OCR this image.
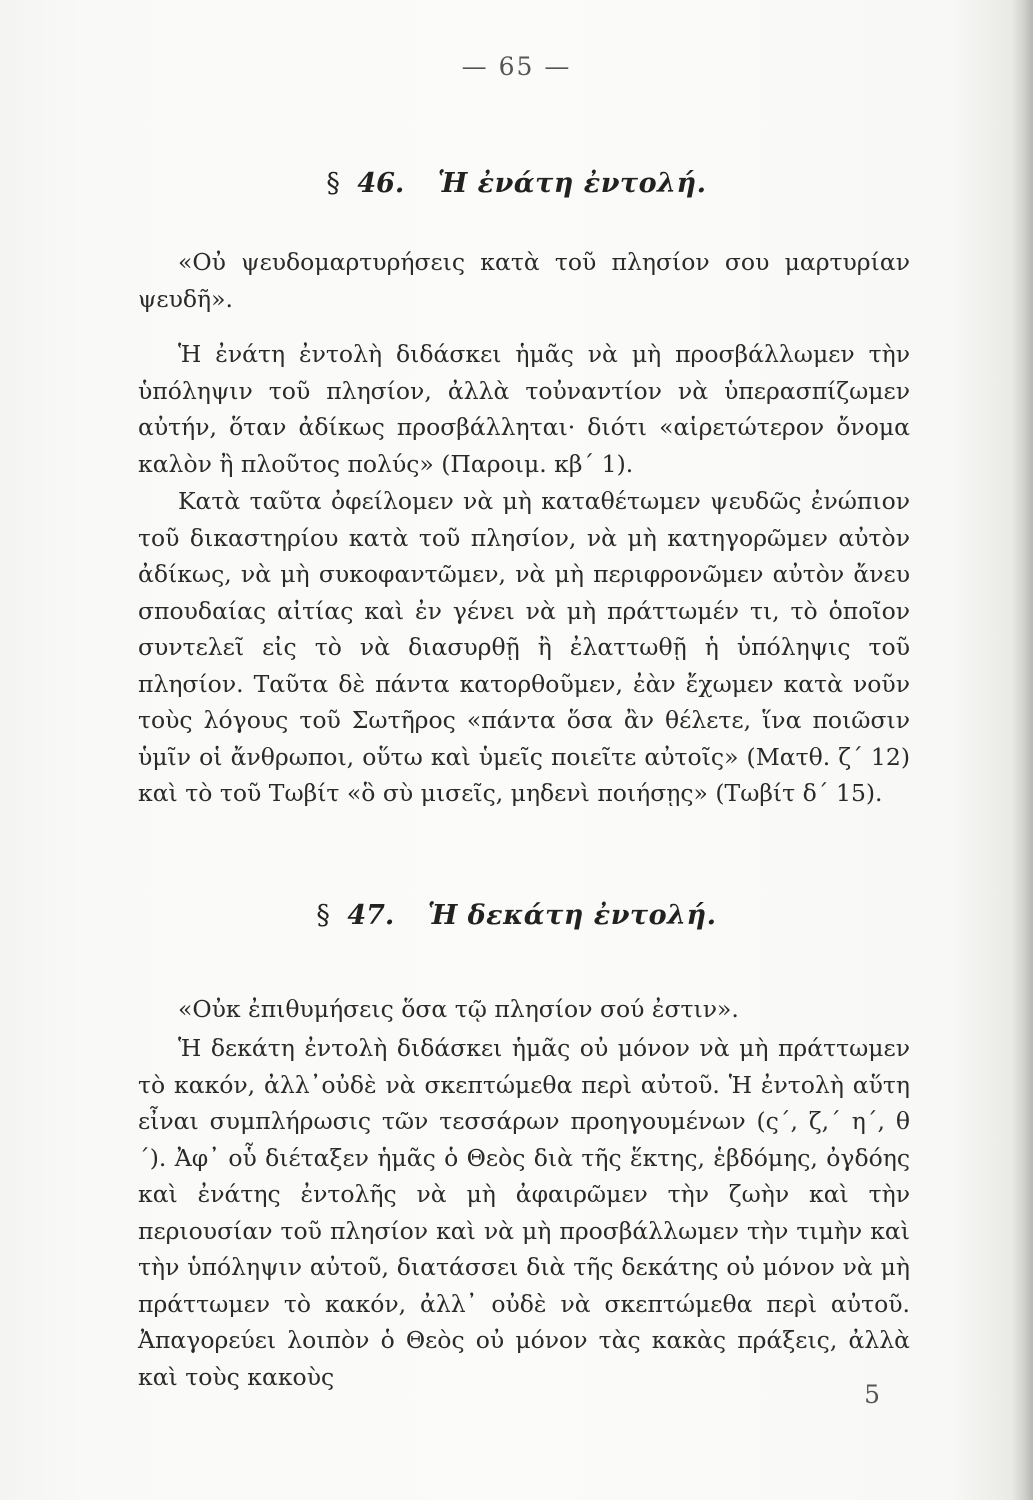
— 65 —
§ 46. Ἡ ἐνάτη ἐντολή.
«Οὐ ψευδομαρτυρήσεις κατὰ τοῦ πλησίον σου μαρτυρίαν ψευδῆ».
Ἡ ἐνάτη ἐντολὴ διδάσκει ἡμᾶς νὰ μὴ προσβάλλωμεν τὴν ὑπόληψιν τοῦ πλησίον, ἀλλὰ τοὐναντίον νὰ ὑπερασπίζωμεν αὐτήν, ὅταν ἀδίκως προσβάλληται· διότι «αἱρετώτερον ὄνομα καλὸν ἢ πλοῦτος πολύς» (Παροιμ. κβ´ 1).
Κατὰ ταῦτα ὀφείλομεν νὰ μὴ καταθέτωμεν ψευδῶς ἐνώπιον τοῦ δικαστηρίου κατὰ τοῦ πλησίον, νὰ μὴ κατηγορῶμεν αὐτὸν ἀδίκως, νὰ μὴ συκοφαντῶμεν, νὰ μὴ περιφρονῶμεν αὐτὸν ἄνευ σπουδαίας αἰτίας καὶ ἐν γένει νὰ μὴ πράττωμέν τι, τὸ ὁποῖον συντελεῖ εἰς τὸ νὰ διασυρθῇ ἢ ἐλαττωθῇ ἡ ὑπόληψις τοῦ πλησίον. Ταῦτα δὲ πάντα κατορθοῦμεν, ἐὰν ἔχωμεν κατὰ νοῦν τοὺς λόγους τοῦ Σωτῆρος «πάντα ὅσα ἂν θέλετε, ἵνα ποιῶσιν ὑμῖν οἱ ἄνθρωποι, οὕτω καὶ ὑμεῖς ποιεῖτε αὐτοῖς» (Ματθ. ζ´ 12) καὶ τὸ τοῦ Τωβίτ «ὃ σὺ μισεῖς, μηδενὶ ποιήσῃς» (Τωβίτ δ´ 15).
§ 47. Ἡ δεκάτη ἐντολή.
«Οὐκ ἐπιθυμήσεις ὅσα τῷ πλησίον σού ἐστιν».
Ἡ δεκάτη ἐντολὴ διδάσκει ἡμᾶς οὐ μόνον νὰ μὴ πράττωμεν τὸ κακόν, ἀλλ᾽οὐδὲ νὰ σκεπτώμεθα περὶ αὐτοῦ. Ἡ ἐντολὴ αὕτη εἶναι συμπλήρωσις τῶν τεσσάρων προηγουμένων (ς´, ζ,´ η´, θ´). Ἀφ᾽ οὗ διέταξεν ἡμᾶς ὁ Θεὸς διὰ τῆς ἕκτης, ἑβδόμης, ὀγδόης καὶ ἐνάτης ἐντολῆς νὰ μὴ ἀφαιρῶμεν τὴν ζωὴν καὶ τὴν περιουσίαν τοῦ πλησίον καὶ νὰ μὴ προσβάλλωμεν τὴν τιμὴν καὶ τὴν ὑπόληψιν αὐτοῦ, διατάσσει διὰ τῆς δεκάτης οὐ μόνον νὰ μὴ πράττωμεν τὸ κακόν, ἀλλ᾽ οὐδὲ νὰ σκεπτώμεθα περὶ αὐτοῦ. Ἀπαγορεύει λοιπὸν ὁ Θεὸς οὐ μόνον τὰς κακὰς πράξεις, ἀλλὰ καὶ τοὺς κακοὺς
5
